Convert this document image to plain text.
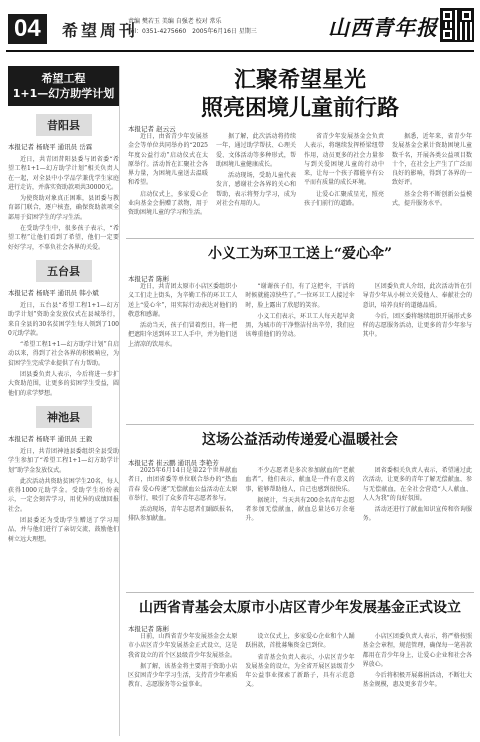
04	希望周刊
责编 樊若玉 美编 自强老 校对 常乐
Tel：0351-4275660　2005年6月16日 星期三	山西青年报
希望工程
1+1—幻方助学计划
昔阳县
本报记者 杨晓平 通讯员 岳霖

近日，共青团昔阳县委与团省委“希望工程1+1—幻方助学计划”相关负责人在一起，对全县中小学品学兼优学生家庭进行走访，并落实资助款项共30000元。

为使资助对象真正困难，县团委与教育部门联合，逐户核查，确保资助款项全部用于贫困学生的学习生活。

在受助学生中，很多孩子表示，“希望工程”让他们看到了希望，他们一定要好好学习，不辜负社会各界的关爱。

五台县
本报记者 杨晓平 通讯员 韩小斌

近日，五台县“希望工程1+1—幻方助学计划”资助金发放仪式在县城举行，来自全县的30名贫困学生每人领到了1000元助学款。

“希望工程1+1—幻方助学计划”自启动以来，得到了社会各界的积极响应，为贫困学生完成学业提供了有力帮助。

团县委负责人表示，今后将进一步扩大资助范围，让更多的贫困学生受益，圆他们的求学梦想。

神池县
本报记者 杨晓平 通讯员 王毅

近日，共青团神池县委组织全县受助学生参加了“希望工程1+1—幻方助学计划”助学金发放仪式。

此次活动共资助贫困学生20名，每人获得1000元助学金。受助学生纷纷表示，一定会刻苦学习，用优异的成绩回报社会。

团县委还为受助学生赠送了学习用品，并与他们进行了亲切交流，鼓励他们树立远大理想。

汇聚希望星光
照亮困境儿童前行路
本报记者 赵云云

近日，由省青少年发展基金会等单位共同举办的“2025年度公益行动”启动仪式在太原举行。活动旨在汇聚社会各界力量，为困境儿童送去温暖和希望。

启动仪式上，多家爱心企业向基金会捐赠了款物，用于资助困境儿童的学习和生活。

据了解，此次活动将持续一年，通过助学帮扶、心理关爱、文体活动等多种形式，帮助困境儿童健康成长。

活动现场，受助儿童代表发言，感谢社会各界的关心和帮助，表示将努力学习，成为对社会有用的人。

省青少年发展基金会负责人表示，将继续发挥桥梁纽带作用，动员更多的社会力量参与到关爱困境儿童的行动中来，让每一个孩子都能享有公平而有质量的成长环境。

让爱心汇聚成星光，照亮孩子们前行的道路。

据悉，近年来，省青少年发展基金会累计资助困境儿童数千名，开展各类公益项目数十个，在社会上产生了广泛而良好的影响，得到了各界的一致好评。

基金会将不断创新公益模式，提升服务水平。

小义工为环卫工送上“爱心伞”
本报记者 陈彬

近日，共青团太原市小店区委组织小义工们走上街头，为辛勤工作的环卫工人送上“爱心伞”，用实际行动表达对他们的敬意和感谢。

活动当天，孩子们冒着烈日，将一把把遮阳伞送到环卫工人手中，并为他们送上清凉的饮用水。

“谢谢孩子们，有了这把伞，干活的时候就能凉快些了。”一位环卫工人接过伞时，脸上露出了欣慰的笑容。

小义工们表示，环卫工人每天起早贪黑，为城市的干净整洁付出辛劳，我们应该尊重他们的劳动。

区团委负责人介绍，此次活动旨在引导青少年从小树立关爱他人、奉献社会的意识，培养良好的道德品质。

今后，团区委将继续组织开展形式多样的志愿服务活动，让更多的青少年参与其中。

这场公益活动传递爱心温暖社会
本报记者 崔云鹏 通讯员 李艳芳

2025年6月14日是第22个世界献血者日，由团省委等单位联合举办的“热血青春 爱心传递”无偿献血公益活动在太原市举行，吸引了众多青年志愿者参与。

活动现场，青年志愿者们踊跃报名，排队参加献血。

不少志愿者是多次参加献血的“老献血者”，他们表示，献血是一件有意义的事，能够帮助他人，自己也感到很快乐。

据统计，当天共有200余名青年志愿者参加无偿献血，献血总量达6万余毫升。

团省委相关负责人表示，希望通过此次活动，让更多的青年了解无偿献血、参与无偿献血，在全社会营造“人人献血、人人为我”的良好氛围。

活动还进行了献血知识宣传和咨询服务。

山西省青基会太原市小店区青少年发展基金正式设立
本报记者 陈彬

日前，山西省青少年发展基金会太原市小店区青少年发展基金正式设立，这是我省设立的首个区县级青少年发展基金。

据了解，该基金将主要用于资助小店区贫困青少年学习生活，支持青少年素质教育、志愿服务等公益事业。

设立仪式上，多家爱心企业和个人踊跃捐款，首批募集资金已到位。

省青基会负责人表示，小店区青少年发展基金的设立，为全省开展区县级青少年公益事业探索了新路子，具有示范意义。

小店区团委负责人表示，将严格按照基金会章程，规范管理，确保每一笔善款都用在青少年身上，让爱心企业和社会各界放心。

今后将积极开展募捐活动，不断壮大基金规模，惠及更多青少年。
